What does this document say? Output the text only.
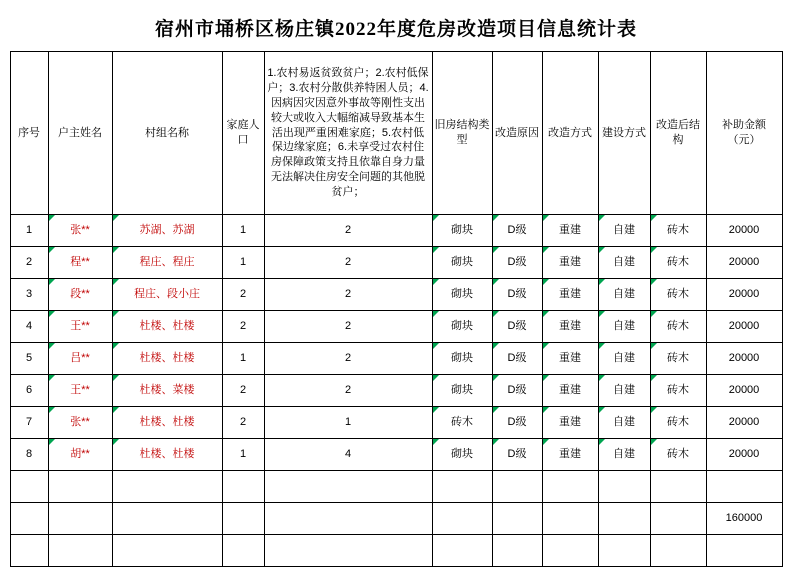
宿州市埇桥区杨庄镇2022年度危房改造项目信息统计表
序号	户主姓名	村组名称	家庭人口	1.农村易返贫致贫户；2.农村低保户；3.农村分散供养特困人员；4.因病因灾因意外事故等刚性支出较大或收入大幅缩减导致基本生活出现严重困难家庭；5.农村低保边缘家庭；6.未享受过农村住房保障政策支持且依靠自身力量无法解决住房安全问题的其他脱贫户；	旧房结构类型	改造原因	改造方式	建设方式	改造后结构	补助金额（元）
1	张**	苏湖、苏湖	1	2	砌块	D级	重建	自建	砖木	20000
2	程**	程庄、程庄	1	2	砌块	D级	重建	自建	砖木	20000
3	段**	程庄、段小庄	2	2	砌块	D级	重建	自建	砖木	20000
4	王**	杜楼、杜楼	2	2	砌块	D级	重建	自建	砖木	20000
5	吕**	杜楼、杜楼	1	2	砌块	D级	重建	自建	砖木	20000
6	王**	杜楼、菜楼	2	2	砌块	D级	重建	自建	砖木	20000
7	张**	杜楼、杜楼	2	1	砖木	D级	重建	自建	砖木	20000
8	胡**	杜楼、杜楼	1	4	砌块	D级	重建	自建	砖木	20000

										160000
